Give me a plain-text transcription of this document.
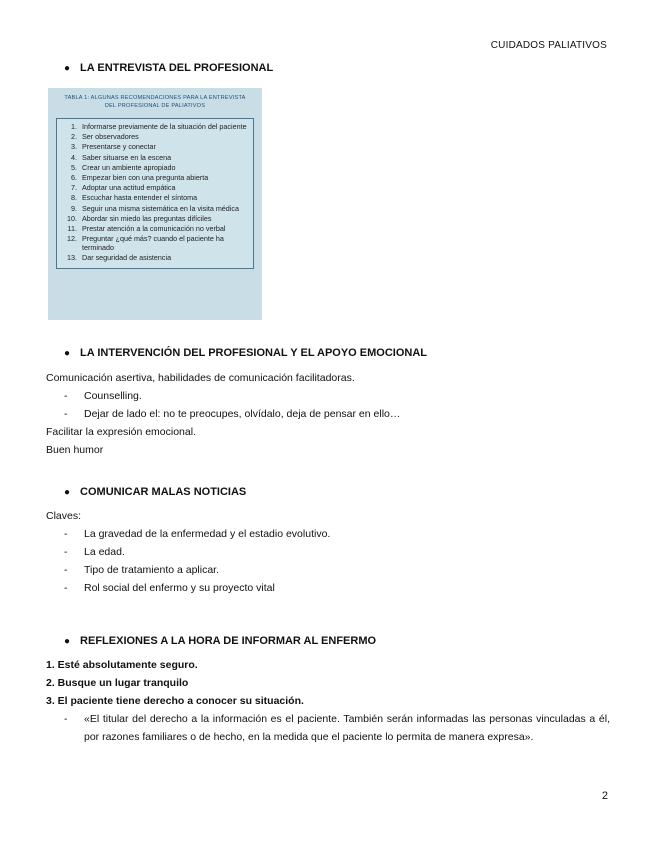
CUIDADOS PALIATIVOS
● LA ENTREVISTA DEL PROFESIONAL
TABLA 1: ALGUNAS RECOMENDACIONES PARA LA ENTREVISTA
DEL PROFESIONAL DE PALIATIVOS
1. Informarse previamente de la situación del paciente
2. Ser observadores
3. Presentarse y conectar
4. Saber situarse en la escena
5. Crear un ambiente apropiado
6. Empezar bien con una pregunta abierta
7. Adoptar una actitud empática
8. Escuchar hasta entender el síntoma
9. Seguir una misma sistemática en la visita médica
10. Abordar sin miedo las preguntas difíciles
11. Prestar atención a la comunicación no verbal
12. Preguntar ¿qué más? cuando el paciente ha terminado
13. Dar seguridad de asistencia
● LA INTERVENCIÓN DEL PROFESIONAL Y EL APOYO EMOCIONAL
Comunicación asertiva, habilidades de comunicación facilitadoras.
- Counselling.
- Dejar de lado el: no te preocupes, olvídalo, deja de pensar en ello…
Facilitar la expresión emocional.
Buen humor
● COMUNICAR MALAS NOTICIAS
Claves:
- La gravedad de la enfermedad y el estadio evolutivo.
- La edad.
- Tipo de tratamiento a aplicar.
- Rol social del enfermo y su proyecto vital
● REFLEXIONES A LA HORA DE INFORMAR AL ENFERMO
1. Esté absolutamente seguro.
2. Busque un lugar tranquilo
3. El paciente tiene derecho a conocer su situación.
- «El titular del derecho a la información es el paciente. También serán informadas las personas vinculadas a él, por razones familiares o de hecho, en la medida que el paciente lo permita de manera expresa».
2
